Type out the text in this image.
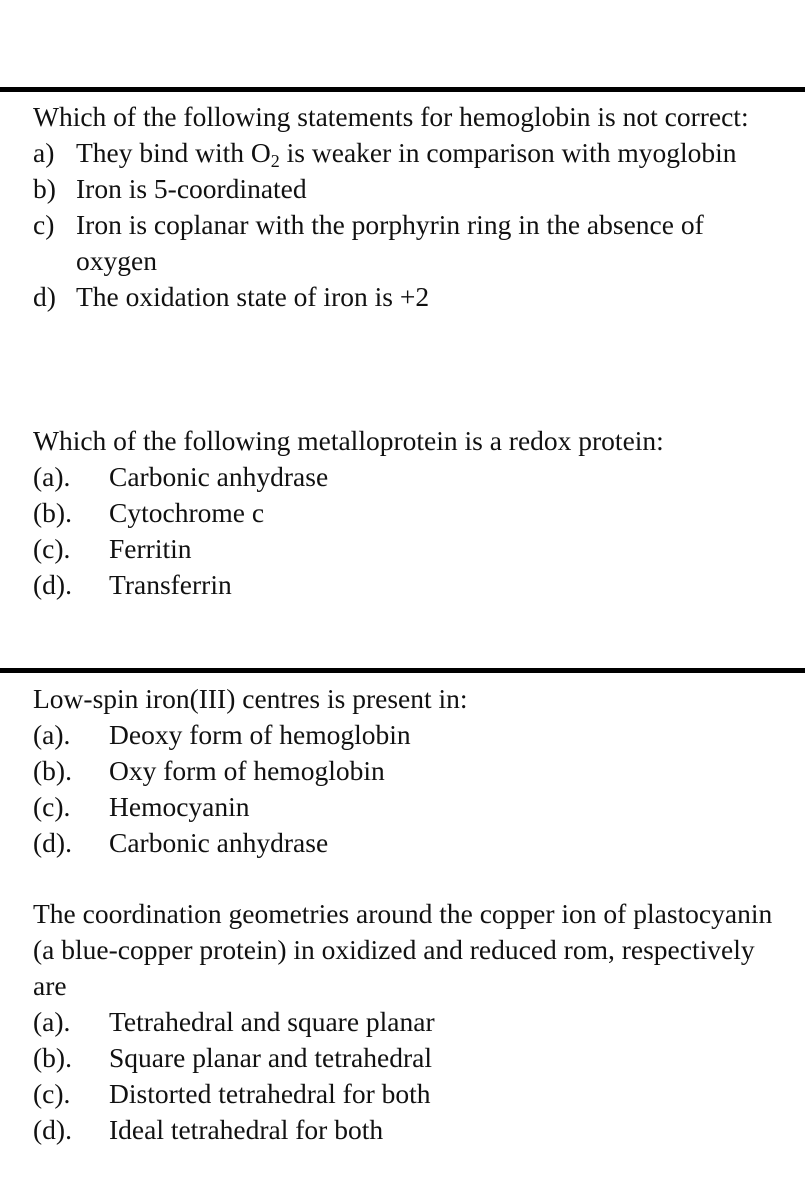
Which of the following statements for hemoglobin is not correct:

a) They bind with $O_2$ is weaker in comparison with myoglobin
b) Iron is 5-coordinated
c) Iron is coplanar with the porphyrin ring in the absence of oxygen
d) The oxidation state of iron is +2

Which of the following metalloprotein is a redox protein:

(a).	Carbonic anhydrase
(b).	Cytochrome c
(c).	Ferritin
(d).	Transferrin

Low-spin iron(III) centres is present in:

(a).	Deoxy form of hemoglobin
(b).	Oxy form of hemoglobin
(c).	Hemocyanin
(d).	Carbonic anhydrase

The coordination geometries around the copper ion of plastocyanin (a blue-copper protein) in oxidized and reduced rom, respectively are

(a).	Tetrahedral and square planar
(b).	Square planar and tetrahedral
(c).	Distorted tetrahedral for both
(d).	Ideal tetrahedral for both
